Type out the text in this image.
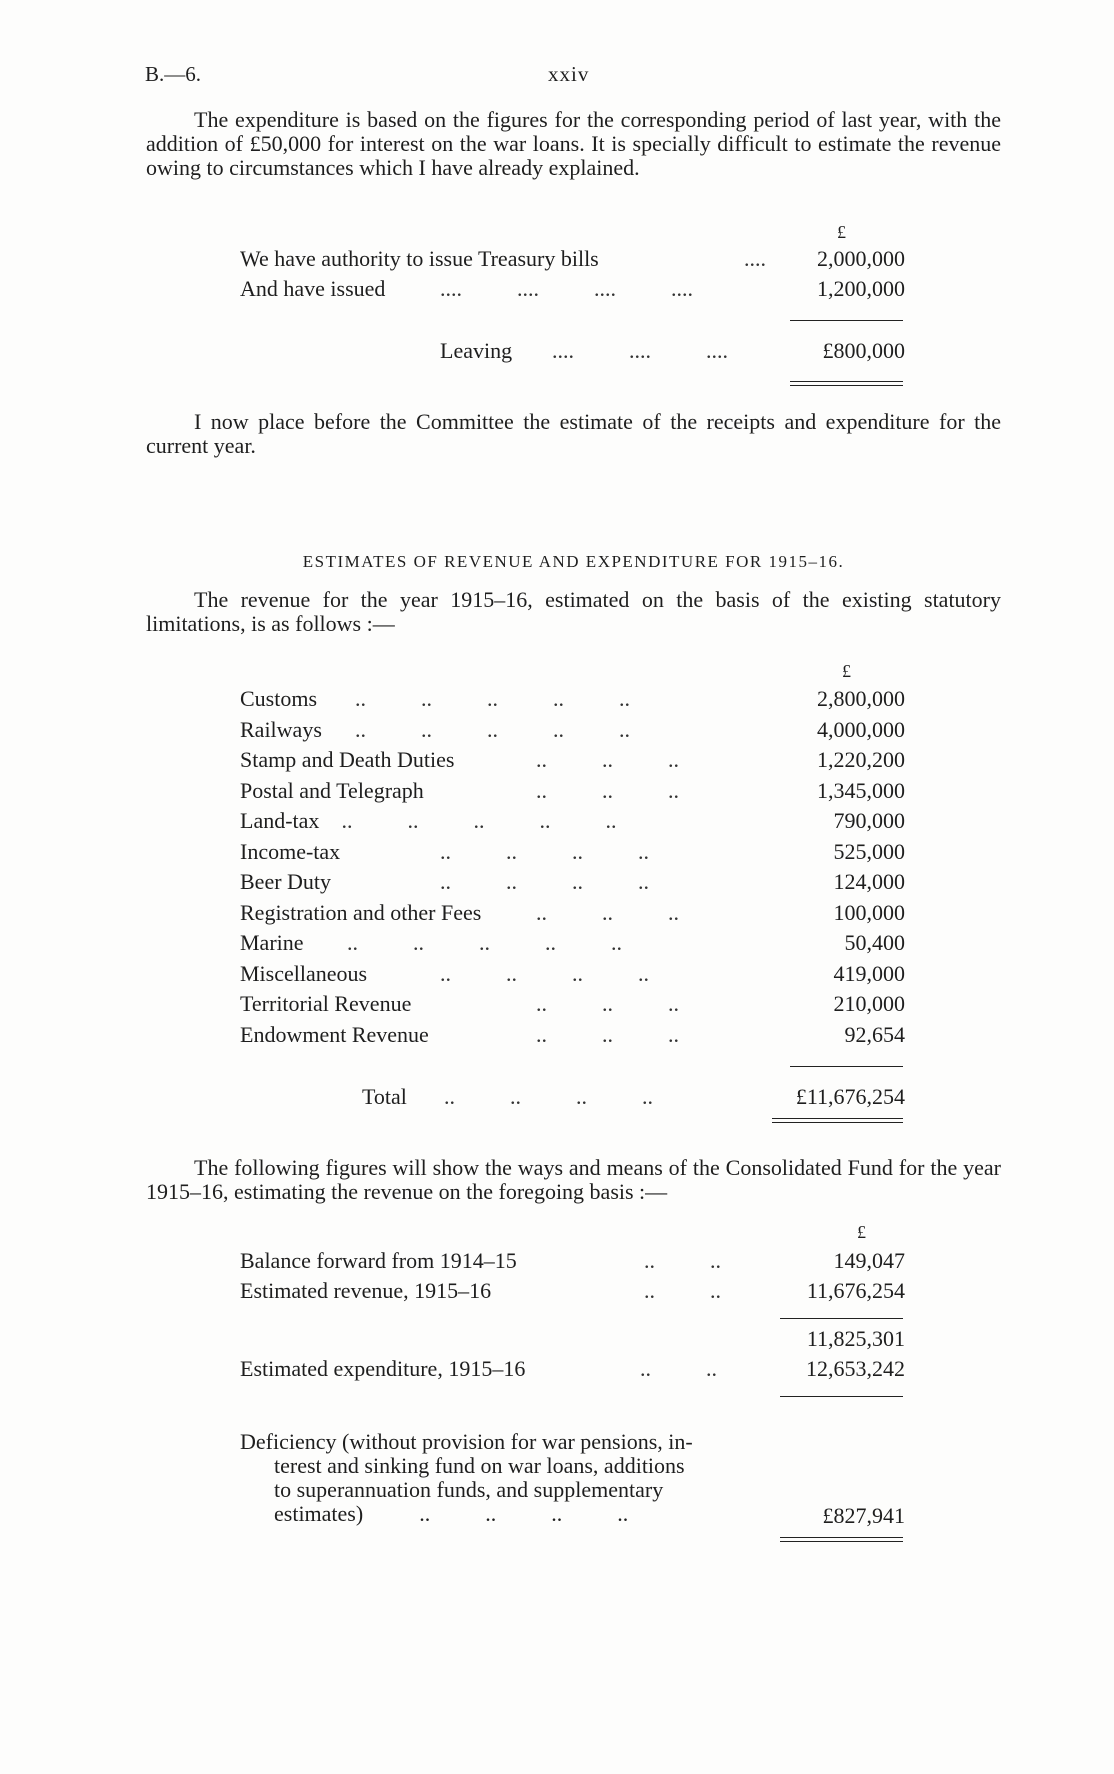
B.—6.	xxiv

The expenditure is based on the figures for the corresponding period of last year, with the addition of £50,000 for interest on the war loans. It is specially difficult to estimate the revenue owing to circumstances which I have already explained.

£
We have authority to issue Treasury bills	.... 2,000,000
And have issued ....          ....          ....          ....	1,200,000
Leaving ....          ....          ....	£800,000

I now place before the Committee the estimate of the receipts and expenditure for the current year.

ESTIMATES OF REVENUE AND EXPENDITURE FOR 1915–16.

The revenue for the year 1915–16, estimated on the basis of the existing statutory limitations, is as follows :—

£
Customs ..          ..          ..          ..          ..	2,800,000
Railways ..          ..          ..          ..          ..	4,000,000
Stamp and Death Duties	..          ..          ..	1,220,200
Postal and Telegraph	..          ..          ..	1,345,000
Land-tax ..          ..          ..          ..          ..	790,000
Income-tax	..          ..          ..          ..	525,000
Beer Duty	..          ..          ..          ..	124,000
Registration and other Fees ..          ..          ..	100,000
Marine ..          ..          ..          ..          ..	50,400
Miscellaneous	..          ..          ..          ..	419,000
Territorial Revenue	..          ..          ..	210,000
Endowment Revenue	..          ..          ..	92,654
Total ..          ..          ..          ..	£11,676,254

The following figures will show the ways and means of the Consolidated Fund for the year 1915–16, estimating the revenue on the foregoing basis :—

£
Balance forward from 1914–15	..          ..	149,047
Estimated revenue, 1915–16	..          ..	11,676,254
11,825,301
Estimated expenditure, 1915–16	..          ..	12,653,242
Deficiency (without provision for war pensions, in-
terest and sinking fund on war loans, additions
to superannuation funds, and supplementary
estimates)	..          ..          ..          ..	£827,941
